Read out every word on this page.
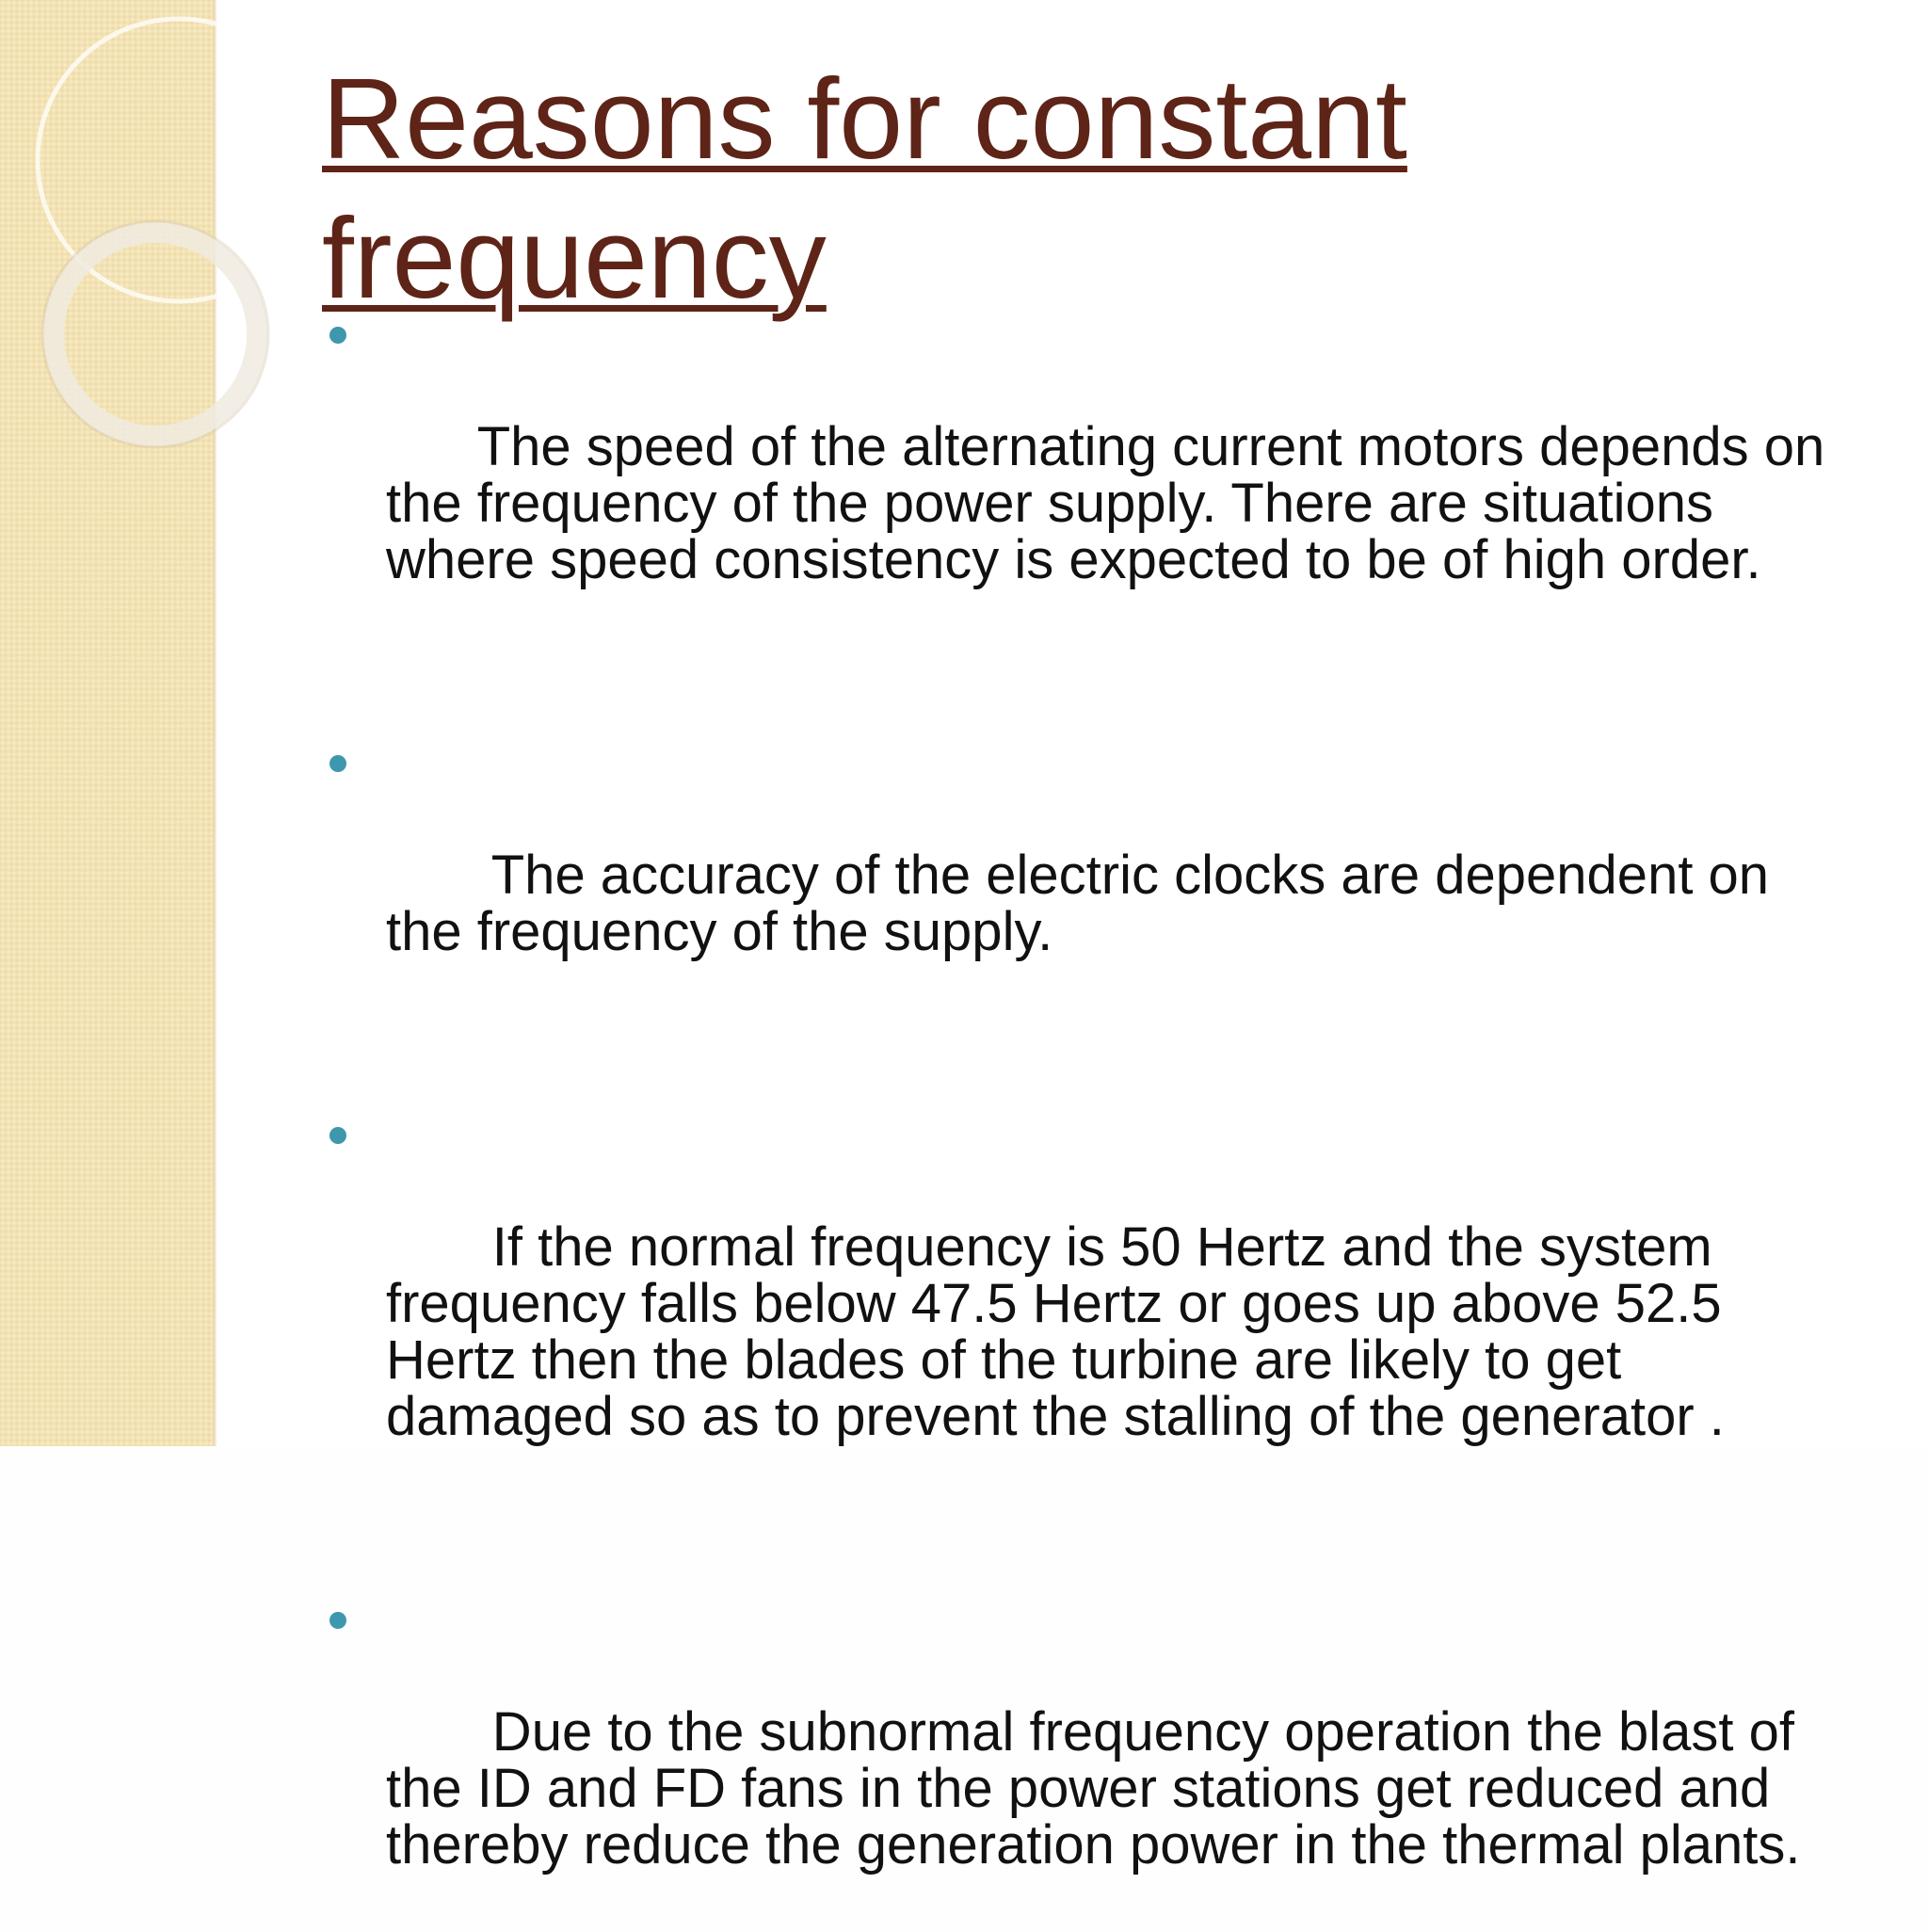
Reasons for constant
frequency

The speed of the alternating current motors depends on the frequency of the power supply. There are situations where speed consistency is expected to be of high order.

The accuracy of the electric clocks are dependent on the frequency of the supply.

If the normal frequency is 50 Hertz and the system frequency falls below 47.5 Hertz or goes up above 52.5 Hertz then the blades of the turbine are likely to get damaged so as to prevent the stalling of the generator .

Due to the subnormal frequency operation the blast of the ID and FD fans in the power stations get reduced and thereby reduce the generation power in the thermal plants.
